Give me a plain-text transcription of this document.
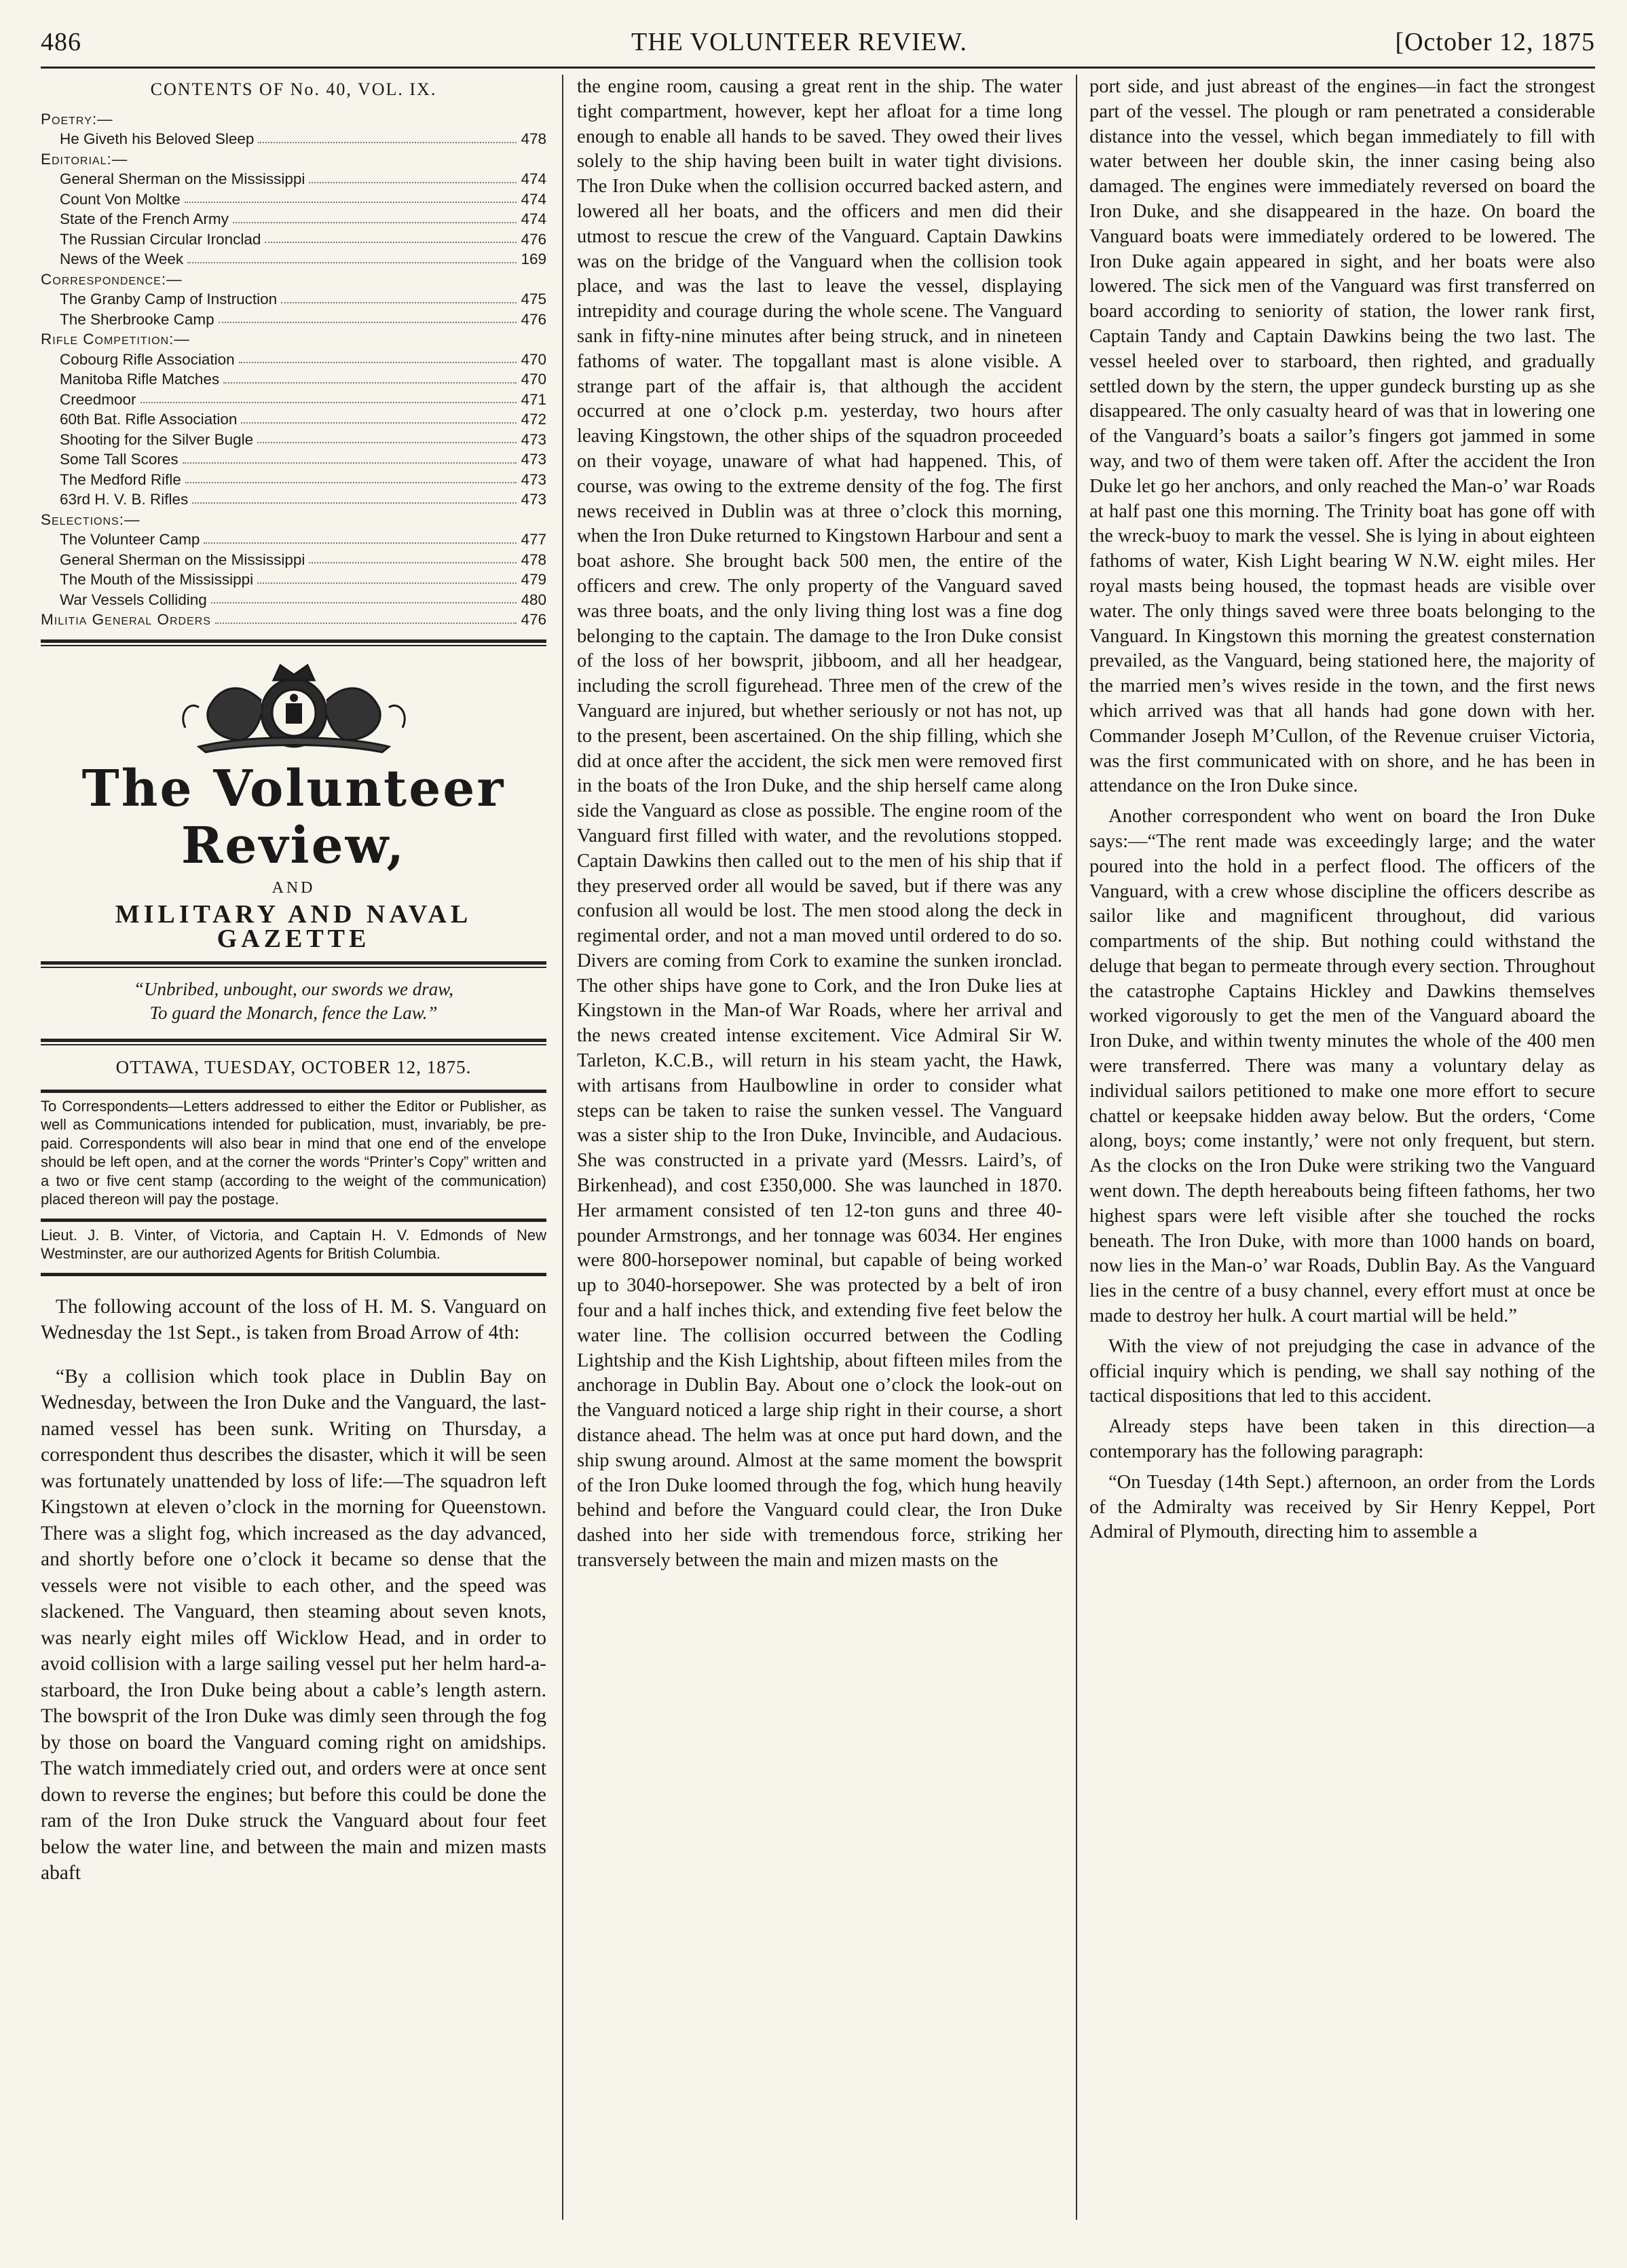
486	THE VOLUNTEER REVIEW.	[October 12, 1875
CONTENTS OF No. 40, VOL. IX.
Poetry:—
He Giveth his Beloved Sleep	478
Editorial:—
General Sherman on the Mississippi	474
Count Von Moltke	474
State of the French Army	474
The Russian Circular Ironclad	476
News of the Week	169
Correspondence:—
The Granby Camp of Instruction	475
The Sherbrooke Camp	476
Rifle Competition:—
Cobourg Rifle Association	470
Manitoba Rifle Matches	470
Creedmoor	471
60th Bat. Rifle Association	472
Shooting for the Silver Bugle	473
Some Tall Scores	473
The Medford Rifle	473
63rd H. V. B. Rifles	473
Selections:—
The Volunteer Camp	477
General Sherman on the Mississippi	478
The Mouth of the Mississippi	479
War Vessels Colliding	480
Militia General Orders	476
The Volunteer Review,
AND
MILITARY AND NAVAL GAZETTE
“Unbribed, unbought, our swords we draw,
To guard the Monarch, fence the Law.”
OTTAWA, TUESDAY, OCTOBER 12, 1875.
To Correspondents—Letters addressed to either the Editor or Publisher, as well as Communications intended for publication, must, invariably, be pre-paid. Correspondents will also bear in mind that one end of the envelope should be left open, and at the corner the words “Printer’s Copy” written and a two or five cent stamp (according to the weight of the communication) placed thereon will pay the postage.
Lieut. J. B. Vinter, of Victoria, and Captain H. V. Edmonds of New Westminster, are our authorized Agents for British Columbia.

The following account of the loss of H. M. S. Vanguard on Wednesday the 1st Sept., is taken from Broad Arrow of 4th:

“By a collision which took place in Dublin Bay on Wednesday, between the Iron Duke and the Vanguard, the last-named vessel has been sunk. Writing on Thursday, a correspondent thus describes the disaster, which it will be seen was fortunately unattended by loss of life:—The squadron left Kingstown at eleven o’clock in the morning for Queenstown. There was a slight fog, which increased as the day advanced, and shortly before one o’clock it became so dense that the vessels were not visible to each other, and the speed was slackened. The Vanguard, then steaming about seven knots, was nearly eight miles off Wicklow Head, and in order to avoid collision with a large sailing vessel put her helm hard-a-starboard, the Iron Duke being about a cable’s length astern. The bowsprit of the Iron Duke was dimly seen through the fog by those on board the Vanguard coming right on amidships. The watch immediately cried out, and orders were at once sent down to reverse the engines; but before this could be done the ram of the Iron Duke struck the Vanguard about four feet below the water line, and between the main and mizen masts abaft

the engine room, causing a great rent in the ship. The water tight compartment, however, kept her afloat for a time long enough to enable all hands to be saved. They owed their lives solely to the ship having been built in water tight divisions. The Iron Duke when the collision occurred backed astern, and lowered all her boats, and the officers and men did their utmost to rescue the crew of the Vanguard. Captain Dawkins was on the bridge of the Vanguard when the collision took place, and was the last to leave the vessel, displaying intrepidity and courage during the whole scene. The Vanguard sank in fifty-nine minutes after being struck, and in nineteen fathoms of water. The topgallant mast is alone visible. A strange part of the affair is, that although the accident occurred at one o’clock p.m. yesterday, two hours after leaving Kingstown, the other ships of the squadron proceeded on their voyage, unaware of what had happened. This, of course, was owing to the extreme density of the fog. The first news received in Dublin was at three o’clock this morning, when the Iron Duke returned to Kingstown Harbour and sent a boat ashore. She brought back 500 men, the entire of the officers and crew. The only property of the Vanguard saved was three boats, and the only living thing lost was a fine dog belonging to the captain. The damage to the Iron Duke consist of the loss of her bowsprit, jibboom, and all her headgear, including the scroll figurehead. Three men of the crew of the Vanguard are injured, but whether seriously or not has not, up to the present, been ascertained. On the ship filling, which she did at once after the accident, the sick men were removed first in the boats of the Iron Duke, and the ship herself came along side the Vanguard as close as possible. The engine room of the Vanguard first filled with water, and the revolutions stopped. Captain Dawkins then called out to the men of his ship that if they preserved order all would be saved, but if there was any confusion all would be lost. The men stood along the deck in regimental order, and not a man moved until ordered to do so. Divers are coming from Cork to examine the sunken ironclad. The other ships have gone to Cork, and the Iron Duke lies at Kingstown in the Man-of War Roads, where her arrival and the news created intense excitement. Vice Admiral Sir W. Tarleton, K.C.B., will return in his steam yacht, the Hawk, with artisans from Haulbowline in order to consider what steps can be taken to raise the sunken vessel. The Vanguard was a sister ship to the Iron Duke, Invincible, and Audacious. She was constructed in a private yard (Messrs. Laird’s, of Birkenhead), and cost £350,000. She was launched in 1870. Her armament consisted of ten 12-ton guns and three 40-pounder Armstrongs, and her tonnage was 6034. Her engines were 800-horsepower nominal, but capable of being worked up to 3040-horsepower. She was protected by a belt of iron four and a half inches thick, and extending five feet below the water line. The collision occurred between the Codling Lightship and the Kish Lightship, about fifteen miles from the anchorage in Dublin Bay. About one o’clock the look-out on the Vanguard noticed a large ship right in their course, a short distance ahead. The helm was at once put hard down, and the ship swung around. Almost at the same moment the bowsprit of the Iron Duke loomed through the fog, which hung heavily behind and before the Vanguard could clear, the Iron Duke dashed into her side with tremendous force, striking her transversely between the main and mizen masts on the

port side, and just abreast of the engines—in fact the strongest part of the vessel. The plough or ram penetrated a considerable distance into the vessel, which began immediately to fill with water between her double skin, the inner casing being also damaged. The engines were immediately reversed on board the Iron Duke, and she disappeared in the haze. On board the Vanguard boats were immediately ordered to be lowered. The Iron Duke again appeared in sight, and her boats were also lowered. The sick men of the Vanguard was first transferred on board according to seniority of station, the lower rank first, Captain Tandy and Captain Dawkins being the two last. The vessel heeled over to starboard, then righted, and gradually settled down by the stern, the upper gundeck bursting up as she disappeared. The only casualty heard of was that in lowering one of the Vanguard’s boats a sailor’s fingers got jammed in some way, and two of them were taken off. After the accident the Iron Duke let go her anchors, and only reached the Man-o’ war Roads at half past one this morning. The Trinity boat has gone off with the wreck-buoy to mark the vessel. She is lying in about eighteen fathoms of water, Kish Light bearing W N.W. eight miles. Her royal masts being housed, the topmast heads are visible over water. The only things saved were three boats belonging to the Vanguard. In Kingstown this morning the greatest consternation prevailed, as the Vanguard, being stationed here, the majority of the married men’s wives reside in the town, and the first news which arrived was that all hands had gone down with her. Commander Joseph M’Cullon, of the Revenue cruiser Victoria, was the first communicated with on shore, and he has been in attendance on the Iron Duke since.

Another correspondent who went on board the Iron Duke says:—“The rent made was exceedingly large; and the water poured into the hold in a perfect flood. The officers of the Vanguard, with a crew whose discipline the officers describe as sailor like and magnificent throughout, did various compartments of the ship. But nothing could withstand the deluge that began to permeate through every section. Throughout the catastrophe Captains Hickley and Dawkins themselves worked vigorously to get the men of the Vanguard aboard the Iron Duke, and within twenty minutes the whole of the 400 men were transferred. There was many a voluntary delay as individual sailors petitioned to make one more effort to secure chattel or keepsake hidden away below. But the orders, ‘Come along, boys; come instantly,’ were not only frequent, but stern. As the clocks on the Iron Duke were striking two the Vanguard went down. The depth hereabouts being fifteen fathoms, her two highest spars were left visible after she touched the rocks beneath. The Iron Duke, with more than 1000 hands on board, now lies in the Man-o’ war Roads, Dublin Bay. As the Vanguard lies in the centre of a busy channel, every effort must at once be made to destroy her hulk. A court martial will be held.”

With the view of not prejudging the case in advance of the official inquiry which is pending, we shall say nothing of the tactical dispositions that led to this accident.

Already steps have been taken in this direction—a contemporary has the following paragraph:

“On Tuesday (14th Sept.) afternoon, an order from the Lords of the Admiralty was received by Sir Henry Keppel, Port Admiral of Plymouth, directing him to assemble a
